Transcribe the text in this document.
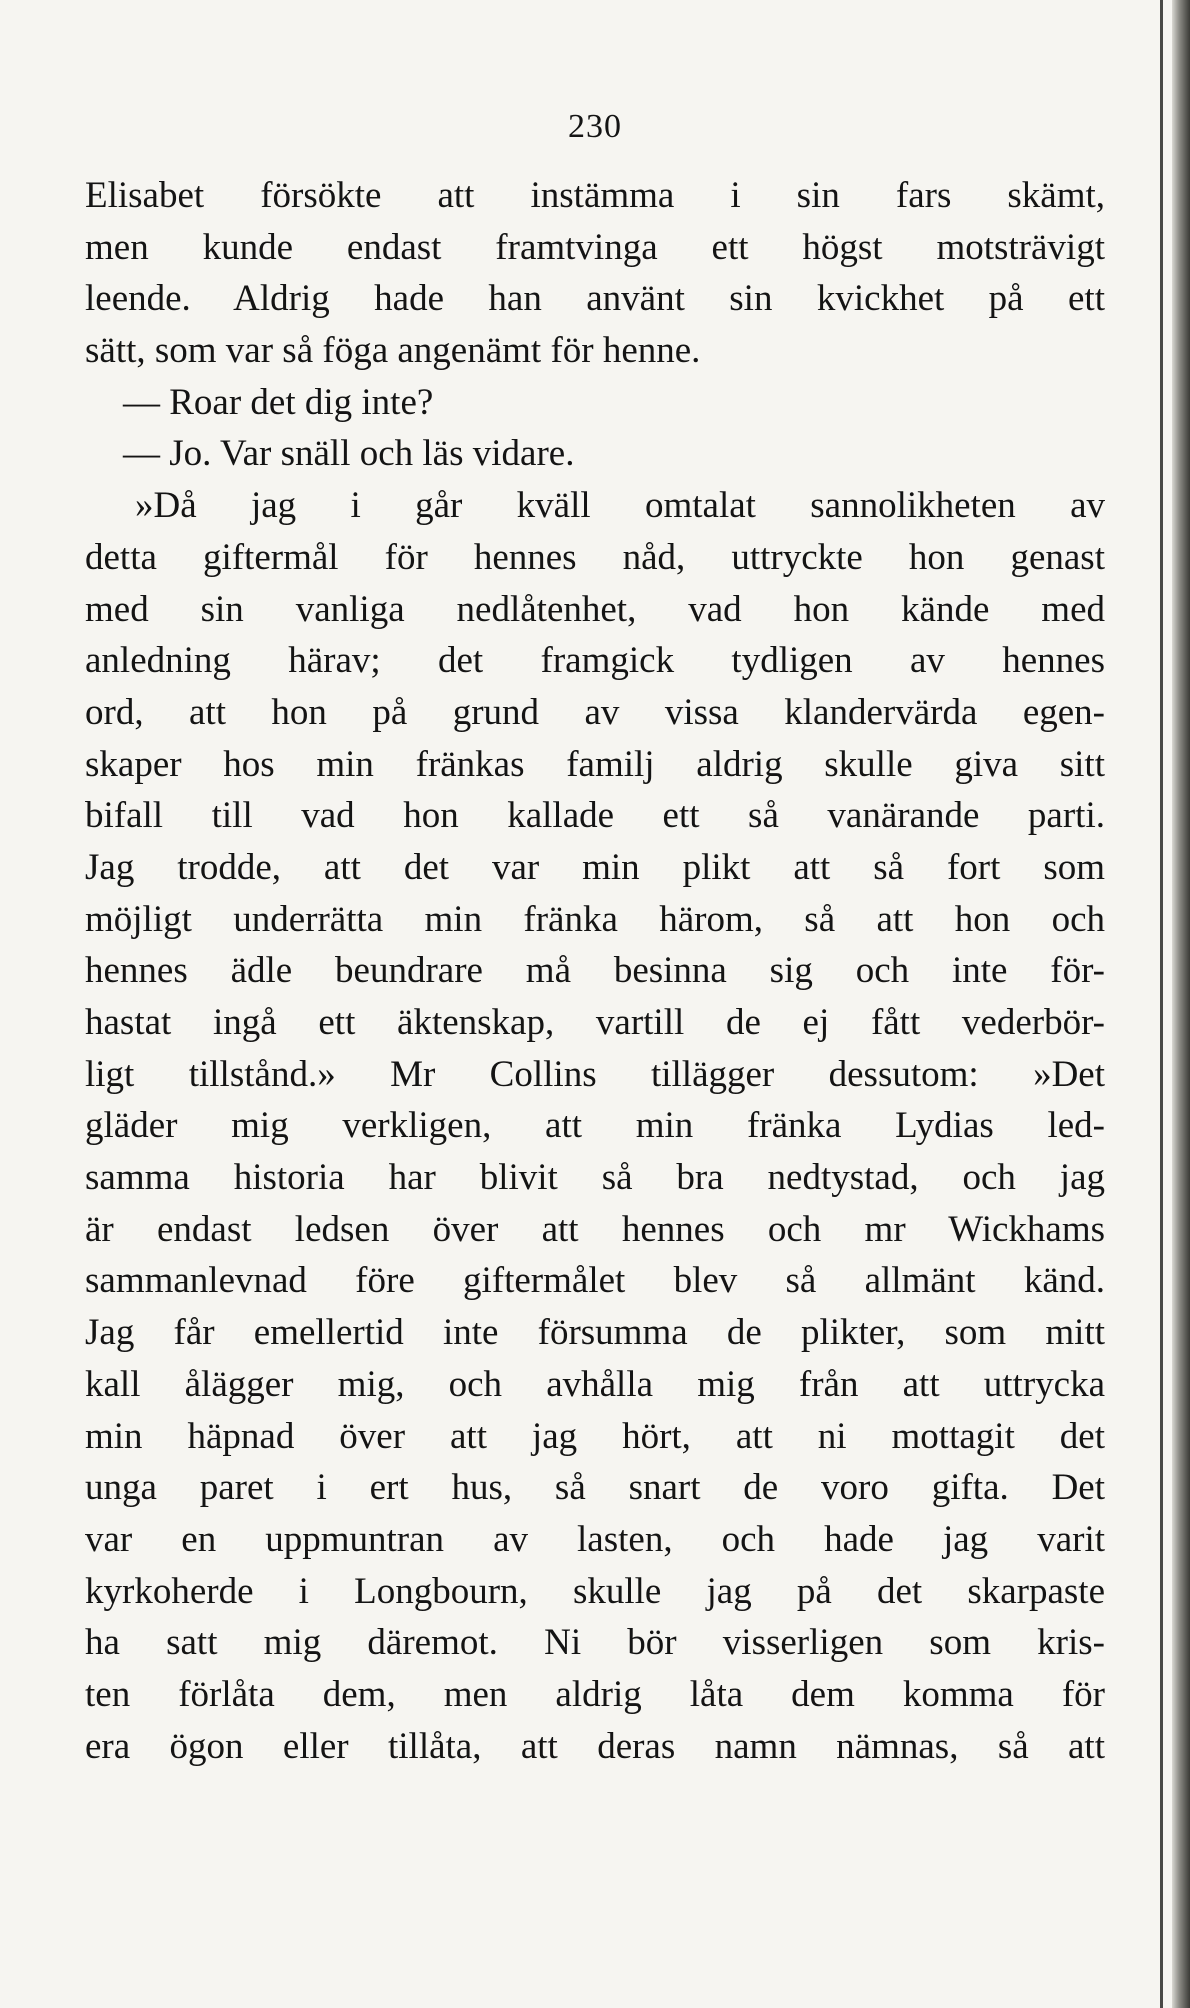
230
Elisabet försökte att instämma i sin fars skämt,
men kunde endast framtvinga ett högst motsträvigt
leende. Aldrig hade han använt sin kvickhet på ett
sätt, som var så föga angenämt för henne.
— Roar det dig inte?
— Jo. Var snäll och läs vidare.
»Då jag i går kväll omtalat sannolikheten av
detta giftermål för hennes nåd, uttryckte hon genast
med sin vanliga nedlåtenhet, vad hon kände med
anledning härav; det framgick tydligen av hennes
ord, att hon på grund av vissa klandervärda egen-
skaper hos min fränkas familj aldrig skulle giva sitt
bifall till vad hon kallade ett så vanärande parti.
Jag trodde, att det var min plikt att så fort som
möjligt underrätta min fränka härom, så att hon och
hennes ädle beundrare må besinna sig och inte för-
hastat ingå ett äktenskap, vartill de ej fått vederbör-
ligt tillstånd.» Mr Collins tillägger dessutom: »Det
gläder mig verkligen, att min fränka Lydias led-
samma historia har blivit så bra nedtystad, och jag
är endast ledsen över att hennes och mr Wickhams
sammanlevnad före giftermålet blev så allmänt känd.
Jag får emellertid inte försumma de plikter, som mitt
kall ålägger mig, och avhålla mig från att uttrycka
min häpnad över att jag hört, att ni mottagit det
unga paret i ert hus, så snart de voro gifta. Det
var en uppmuntran av lasten, och hade jag varit
kyrkoherde i Longbourn, skulle jag på det skarpaste
ha satt mig däremot. Ni bör visserligen som kris-
ten förlåta dem, men aldrig låta dem komma för
era ögon eller tillåta, att deras namn nämnas, så att
